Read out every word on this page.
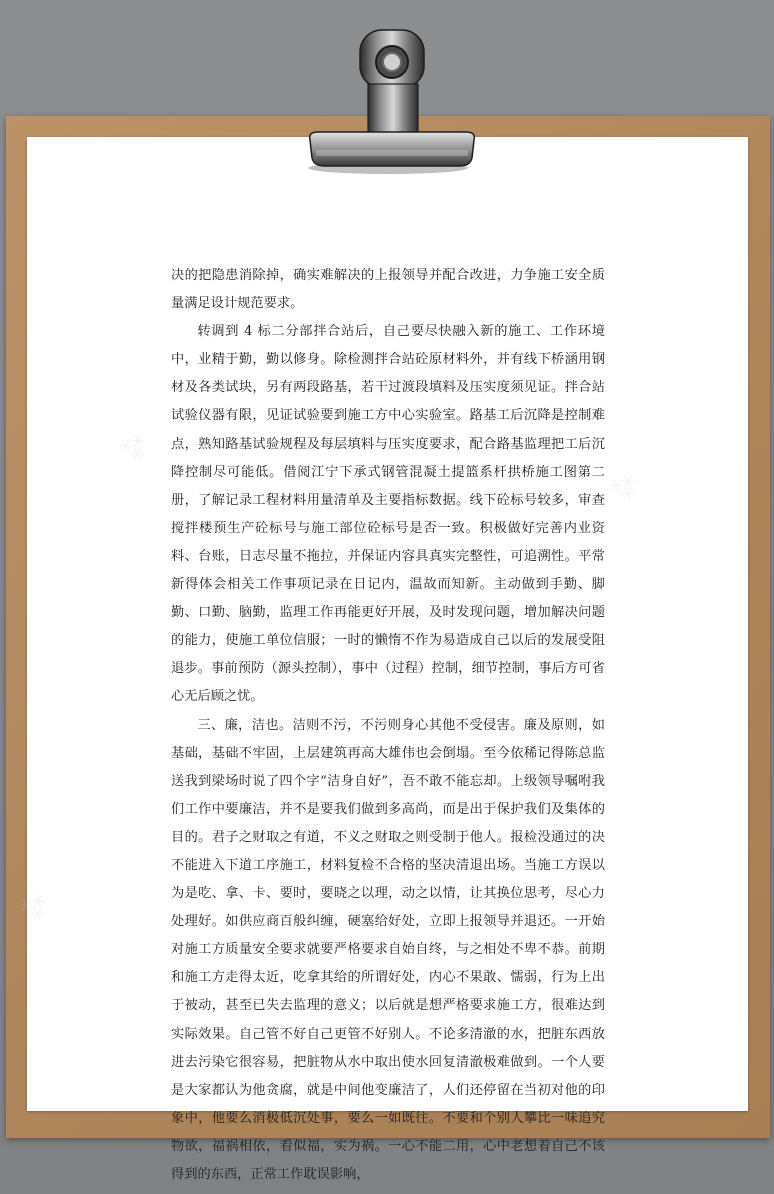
决的把隐患消除掉，确实难解决的上报领导并配合改进，力争施工安全质量满足设计规范要求。

转调到 4 标二分部拌合站后，自己要尽快融入新的施工、工作环境中，业精于勤，勤以修身。除检测拌合站砼原材料外，并有线下桥涵用钢材及各类试块，另有两段路基，若干过渡段填料及压实度须见证。拌合站试验仪器有限，见证试验要到施工方中心实验室。路基工后沉降是控制难点，熟知路基试验规程及每层填料与压实度要求，配合路基监理把工后沉降控制尽可能低。借阅江宁下承式钢管混凝土提篮系杆拱桥施工图第二册，了解记录工程材料用量清单及主要指标数据。线下砼标号较多，审查搅拌楼预生产砼标号与施工部位砼标号是否一致。积极做好完善内业资料、台账，日志尽量不拖拉，并保证内容具真实完整性，可追溯性。平常新得体会相关工作事项记录在日记内，温故而知新。主动做到手勤、脚勤、口勤、脑勤，监理工作再能更好开展，及时发现问题，增加解决问题的能力，使施工单位信服；一时的懒惰不作为易造成自己以后的发展受阻退步。事前预防（源头控制），事中（过程）控制，细节控制，事后方可省心无后顾之忧。

三、廉，洁也。洁则不污，不污则身心其他不受侵害。廉及原则，如基础，基础不牢固，上层建筑再高大雄伟也会倒塌。至今依稀记得陈总监送我到梁场时说了四个字“洁身自好”，吾不敢不能忘却。上级领导嘱咐我们工作中要廉洁，并不是要我们做到多高尚，而是出于保护我们及集体的目的。君子之财取之有道，不义之财取之则受制于他人。报检没通过的决不能进入下道工序施工，材料复检不合格的坚决清退出场。当施工方误以为是吃、拿、卡、要时，要晓之以理，动之以情，让其换位思考，尽心力处理好。如供应商百般纠缠，硬塞给好处，立即上报领导并退还。一开始对施工方质量安全要求就要严格要求自始自终，与之相处不卑不恭。前期和施工方走得太近，吃拿其给的所谓好处，内心不果敢、懦弱，行为上出于被动，甚至已失去监理的意义；以后就是想严格要求施工方，很难达到实际效果。自己管不好自己更管不好别人。不论多清澈的水，把脏东西放进去污染它很容易，把脏物从水中取出使水回复清澈极难做到。一个人要是大家都认为他贪腐，就是中间他变廉洁了，人们还停留在当初对他的印象中，他要么消极低沉处事，要么一如既往。不要和个别人攀比一味追究物欲，福祸相依，看似福，实为祸。一心不能二用，心中老想着自己不该得到的东西，正常工作耽误影响，
